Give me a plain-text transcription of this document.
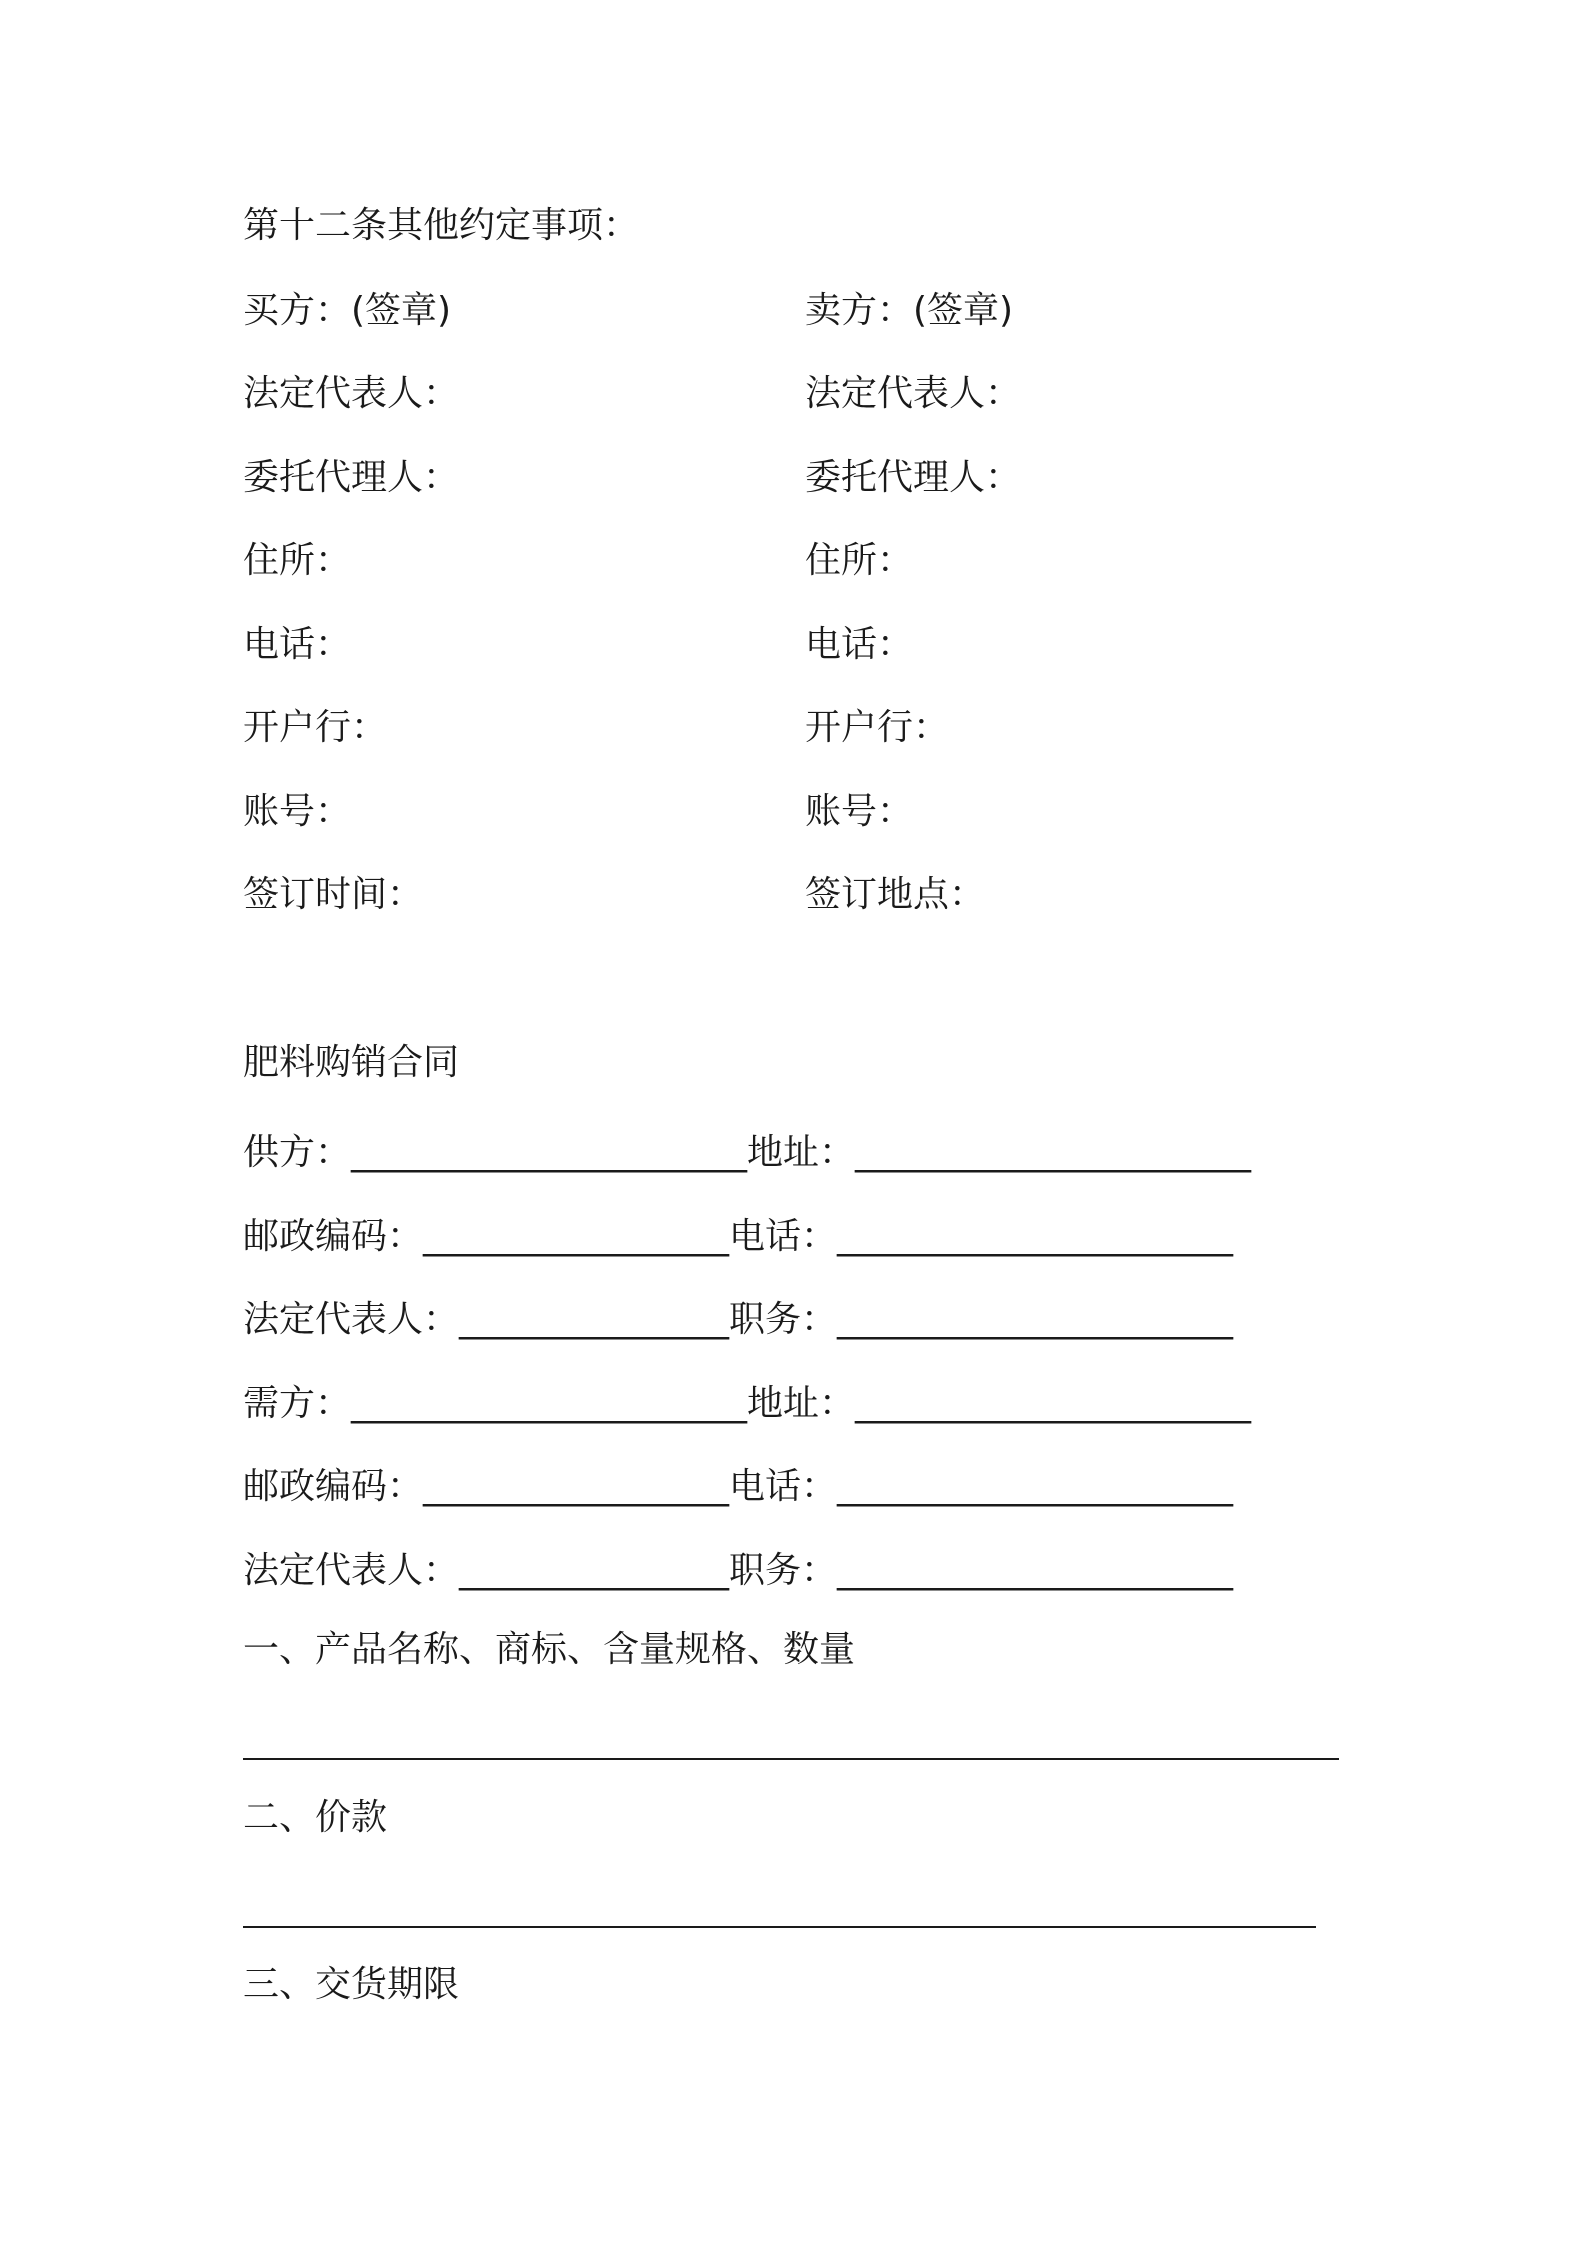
第十二条其他约定事项：
买方：(签章)
法定代表人：
委托代理人：
住所：
电话：
开户行：
账号：
签订时间：
卖方：(签章)
法定代表人：
委托代理人：
住所：
电话：
开户行：
账号：
签订地点：
肥料购销合同
供方：______________________地址：______________________
邮政编码：_________________电话：______________________
法定代表人：_______________职务：______________________
需方：______________________地址：______________________
邮政编码：_________________电话：______________________
法定代表人：_______________职务：______________________
一、产品名称、商标、含量规格、数量
二、价款
三、交货期限
